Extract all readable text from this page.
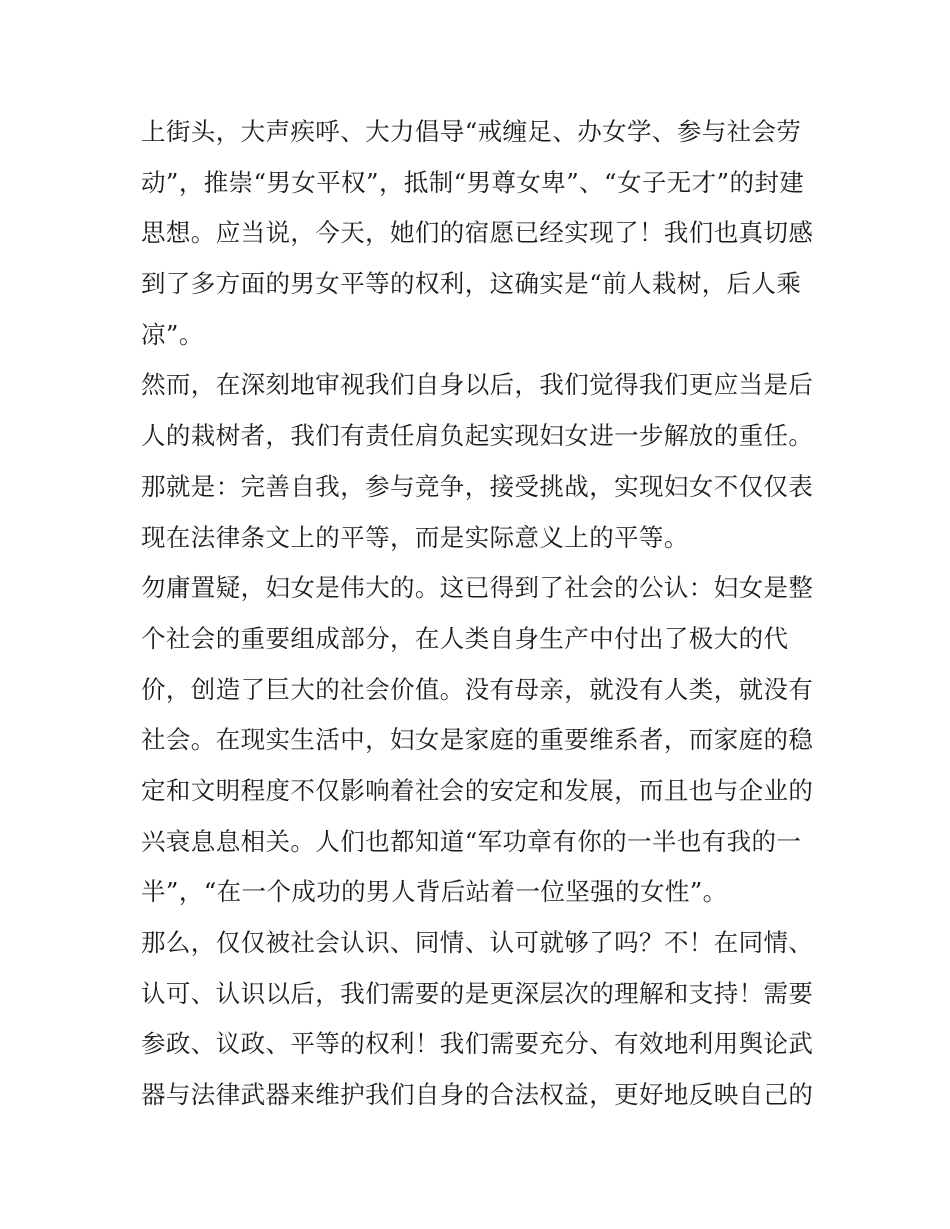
上街头，大声疾呼、大力倡导“戒缠足、办女学、参与社会劳
动”，推崇“男女平权”，抵制“男尊女卑”、“女子无才”的封建
思想。应当说，今天，她们的宿愿已经实现了！我们也真切感
到了多方面的男女平等的权利，这确实是“前人栽树，后人乘
凉”。
然而，在深刻地审视我们自身以后，我们觉得我们更应当是后
人的栽树者，我们有责任肩负起实现妇女进一步解放的重任。
那就是：完善自我，参与竞争，接受挑战，实现妇女不仅仅表
现在法律条文上的平等，而是实际意义上的平等。
勿庸置疑，妇女是伟大的。这已得到了社会的公认：妇女是整
个社会的重要组成部分，在人类自身生产中付出了极大的代
价，创造了巨大的社会价值。没有母亲，就没有人类，就没有
社会。在现实生活中，妇女是家庭的重要维系者，而家庭的稳
定和文明程度不仅影响着社会的安定和发展，而且也与企业的
兴衰息息相关。人们也都知道“军功章有你的一半也有我的一
半”，“在一个成功的男人背后站着一位坚强的女性”。
那么，仅仅被社会认识、同情、认可就够了吗？不！在同情、
认可、认识以后，我们需要的是更深层次的理解和支持！需要
参政、议政、平等的权利！我们需要充分、有效地利用舆论武
器与法律武器来维护我们自身的合法权益，更好地反映自己的
